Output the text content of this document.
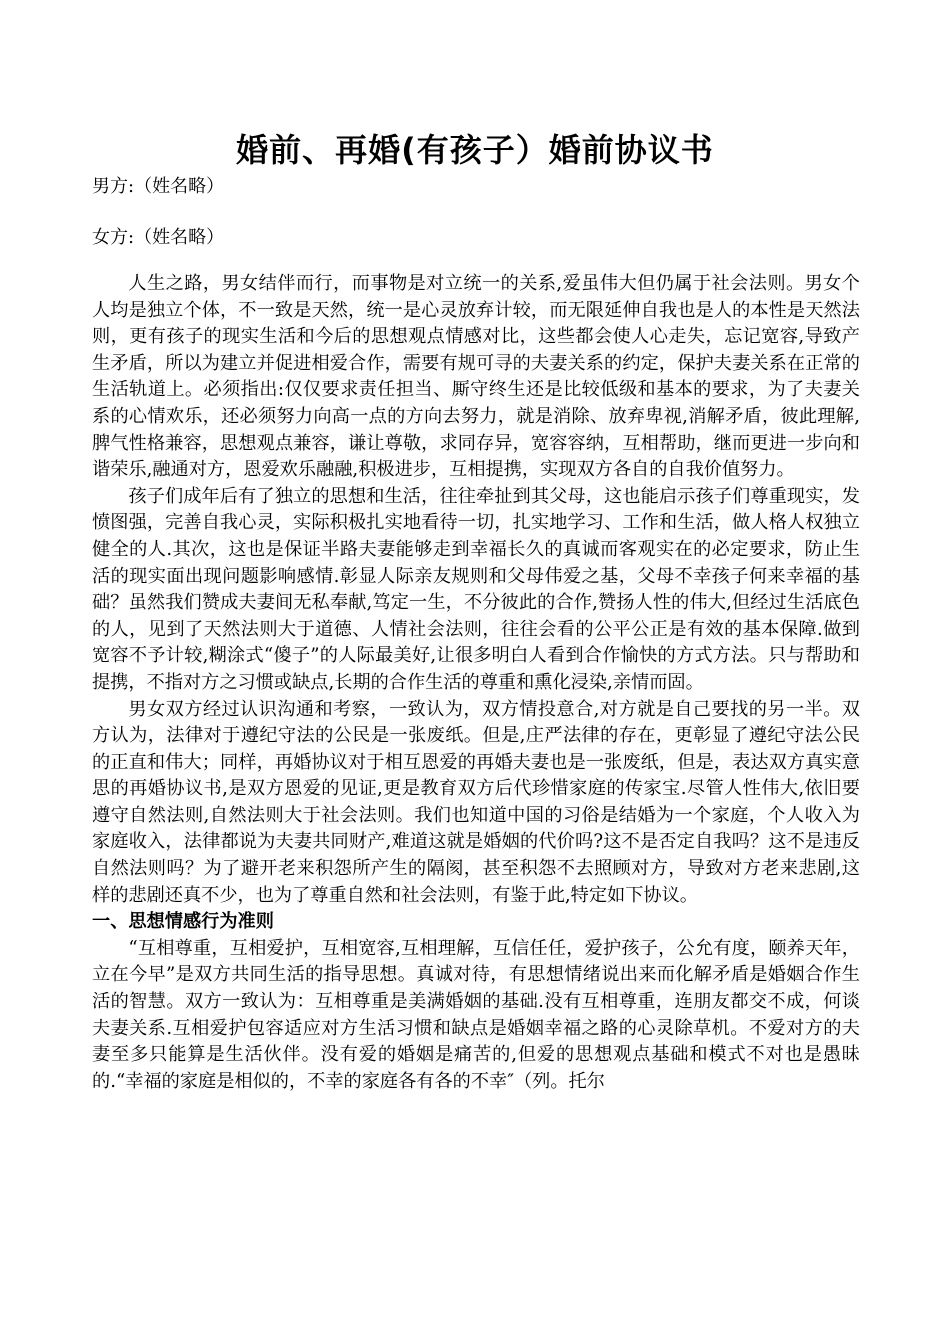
婚前、再婚(有孩子）婚前协议书

男方:（姓名略）

女方:（姓名略）

人生之路，男女结伴而行，而事物是对立统一的关系,爱虽伟大但仍属于社会法则。男女个人均是独立个体，不一致是天然，统一是心灵放弃计较，而无限延伸自我也是人的本性是天然法则，更有孩子的现实生活和今后的思想观点情感对比，这些都会使人心走失，忘记宽容,导致产生矛盾，所以为建立并促进相爱合作，需要有规可寻的夫妻关系的约定，保护夫妻关系在正常的生活轨道上。必须指出:仅仅要求责任担当、厮守终生还是比较低级和基本的要求，为了夫妻关系的心情欢乐，还必须努力向高一点的方向去努力，就是消除、放弃卑视,消解矛盾，彼此理解,脾气性格兼容，思想观点兼容，谦让尊敬，求同存异，宽容容纳，互相帮助，继而更进一步向和谐荣乐,融通对方，恩爱欢乐融融,积极进步，互相提携，实现双方各自的自我价值努力。

孩子们成年后有了独立的思想和生活，往往牵扯到其父母，这也能启示孩子们尊重现实，发愤图强，完善自我心灵，实际积极扎实地看待一切，扎实地学习、工作和生活，做人格人权独立健全的人.其次，这也是保证半路夫妻能够走到幸福长久的真诚而客观实在的必定要求，防止生活的现实面出现问题影响感情.彰显人际亲友规则和父母伟爱之基，父母不幸孩子何来幸福的基础？虽然我们赞成夫妻间无私奉献,笃定一生，不分彼此的合作,赞扬人性的伟大,但经过生活底色的人，见到了天然法则大于道德、人情社会法则，往往会看的公平公正是有效的基本保障.做到宽容不予计较,糊涂式“傻子”的人际最美好,让很多明白人看到合作愉快的方式方法。只与帮助和提携，不指对方之习惯或缺点,长期的合作生活的尊重和熏化浸染,亲情而固。

男女双方经过认识沟通和考察，一致认为，双方情投意合,对方就是自己要找的另一半。双方认为，法律对于遵纪守法的公民是一张废纸。但是,庄严法律的存在，更彰显了遵纪守法公民的正直和伟大；同样，再婚协议对于相互恩爱的再婚夫妻也是一张废纸，但是，表达双方真实意思的再婚协议书,是双方恩爱的见证,更是教育双方后代珍惜家庭的传家宝.尽管人性伟大,依旧要遵守自然法则,自然法则大于社会法则。我们也知道中国的习俗是结婚为一个家庭，个人收入为家庭收入，法律都说为夫妻共同财产,难道这就是婚姻的代价吗?这不是否定自我吗？这不是违反自然法则吗？为了避开老来积怨所产生的隔阂，甚至积怨不去照顾对方，导致对方老来悲剧,这样的悲剧还真不少，也为了尊重自然和社会法则，有鉴于此,特定如下协议。

一、思想情感行为准则

“互相尊重，互相爱护，互相宽容,互相理解，互信任任，爱护孩子，公允有度，颐养天年，立在今早”是双方共同生活的指导思想。真诚对待，有思想情绪说出来而化解矛盾是婚姻合作生活的智慧。双方一致认为：互相尊重是美满婚姻的基础.没有互相尊重，连朋友都交不成，何谈夫妻关系.互相爱护包容适应对方生活习惯和缺点是婚姻幸福之路的心灵除草机。不爱对方的夫妻至多只能算是生活伙伴。没有爱的婚姻是痛苦的,但爱的思想观点基础和模式不对也是愚昧的.“幸福的家庭是相似的，不幸的家庭各有各的不幸″（列。托尔
